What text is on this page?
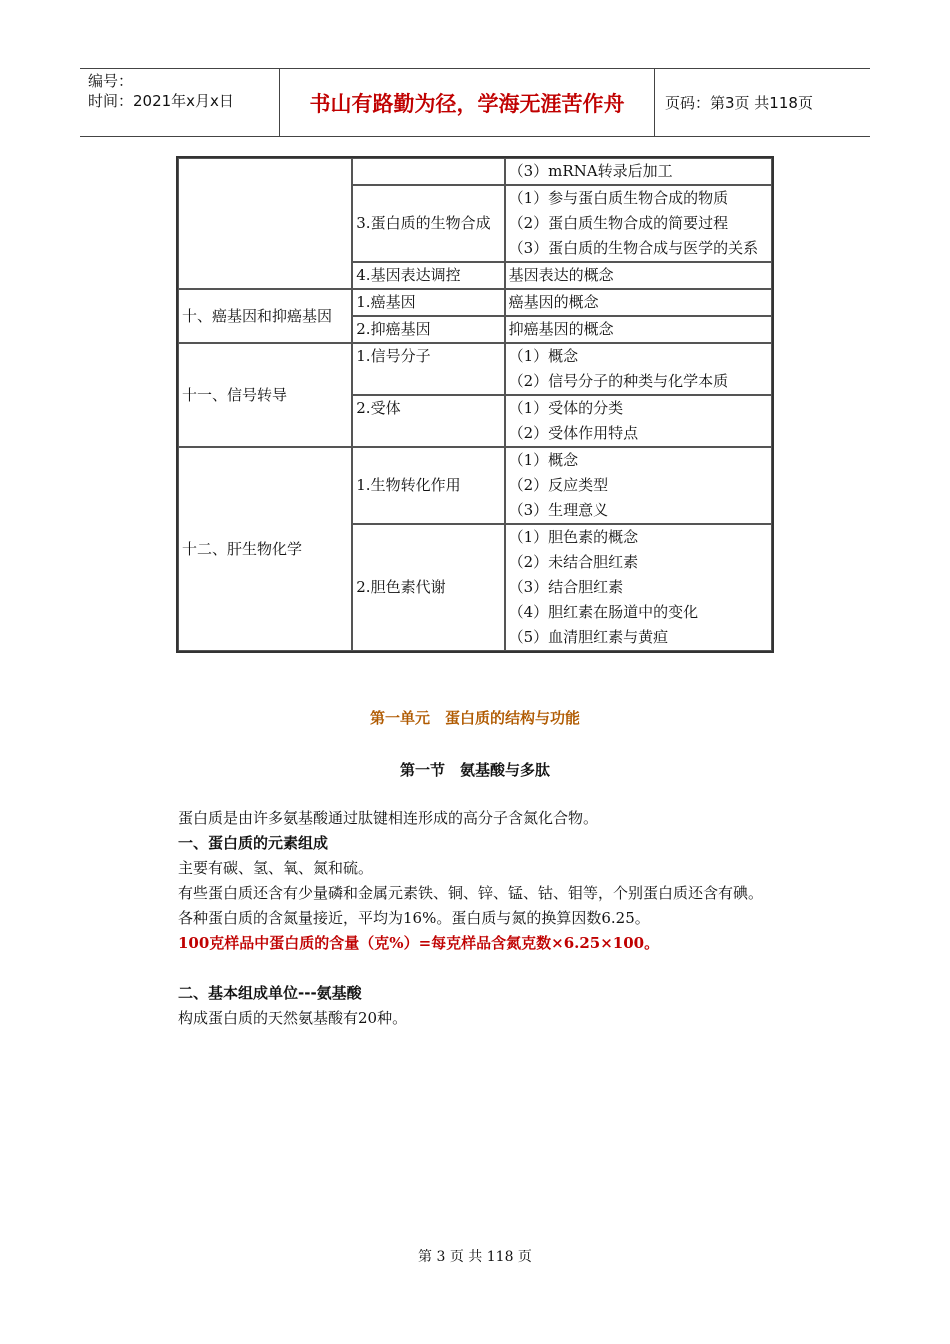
编号：
时间：2021年x月x日	书山有路勤为径，学海无涯苦作舟	页码：第3页 共118页
		（3）mRNA转录后加工
	3.蛋白质的生物合成	（1）参与蛋白质生物合成的物质
（2）蛋白质生物合成的简要过程
（3）蛋白质的生物合成与医学的关系

	4.基因表达调控	基因表达的概念
十、癌基因和抑癌基因	1.癌基因	癌基因的概念
	2.抑癌基因	抑癌基因的概念
十一、信号转导	1.信号分子	（1）概念
（2）信号分子的种类与化学本质

	2.受体	（1）受体的分类
（2）受体作用特点

十二、肝生物化学	1.生物转化作用	（1）概念
（2）反应类型
（3）生理意义

	2.胆色素代谢	（1）胆色素的概念
（2）未结合胆红素
（3）结合胆红素
（4）胆红素在肠道中的变化
（5）血清胆红素与黄疸
第一单元　蛋白质的结构与功能
第一节　氨基酸与多肽

蛋白质是由许多氨基酸通过肽键相连形成的高分子含氮化合物。

一、蛋白质的元素组成

主要有碳、氢、氧、氮和硫。

有些蛋白质还含有少量磷和金属元素铁、铜、锌、锰、钴、钼等，个别蛋白质还含有碘。

各种蛋白质的含氮量接近，平均为16%。蛋白质与氮的换算因数6.25。

100克样品中蛋白质的含量（克%）=每克样品含氮克数×6.25×100。

二、基本组成单位---氨基酸

构成蛋白质的天然氨基酸有20种。

第 3 页 共 118 页
